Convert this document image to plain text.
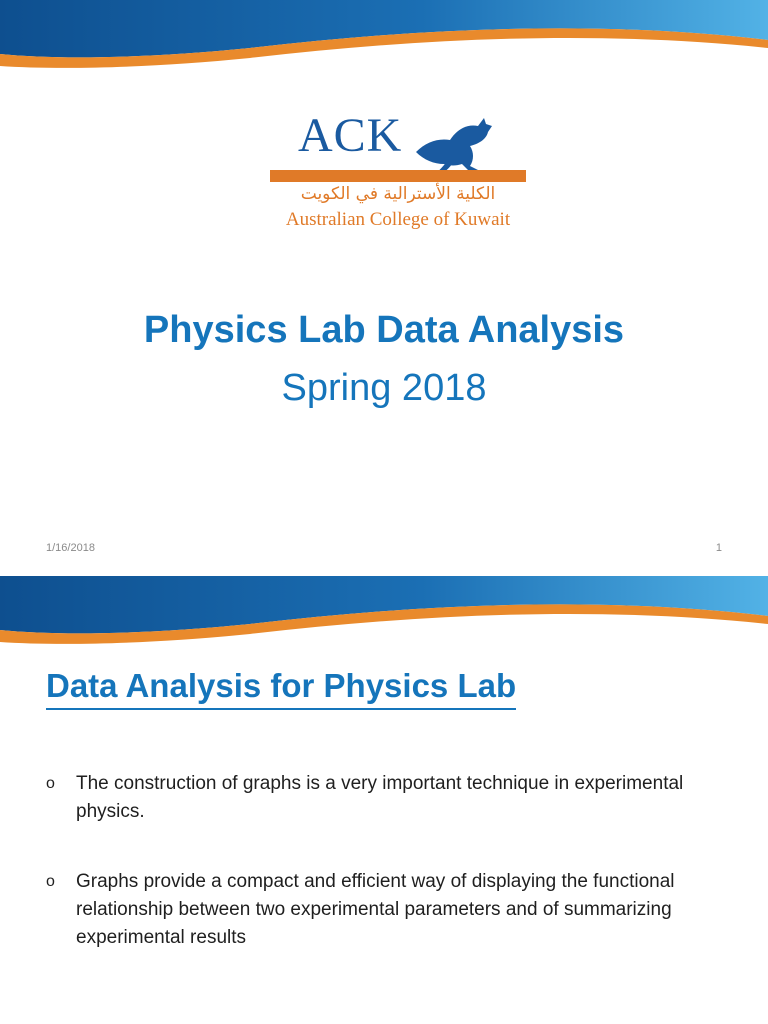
ACK
الكلية الأسترالية في الكويت
Australian College of Kuwait
Physics Lab Data Analysis
Spring 2018
1/16/2018	1
Data Analysis for Physics Lab
o	The construction of graphs is a very important technique in experimental physics.
o	Graphs provide a compact and efficient way of displaying the functional relationship between two experimental parameters and of summarizing experimental results
